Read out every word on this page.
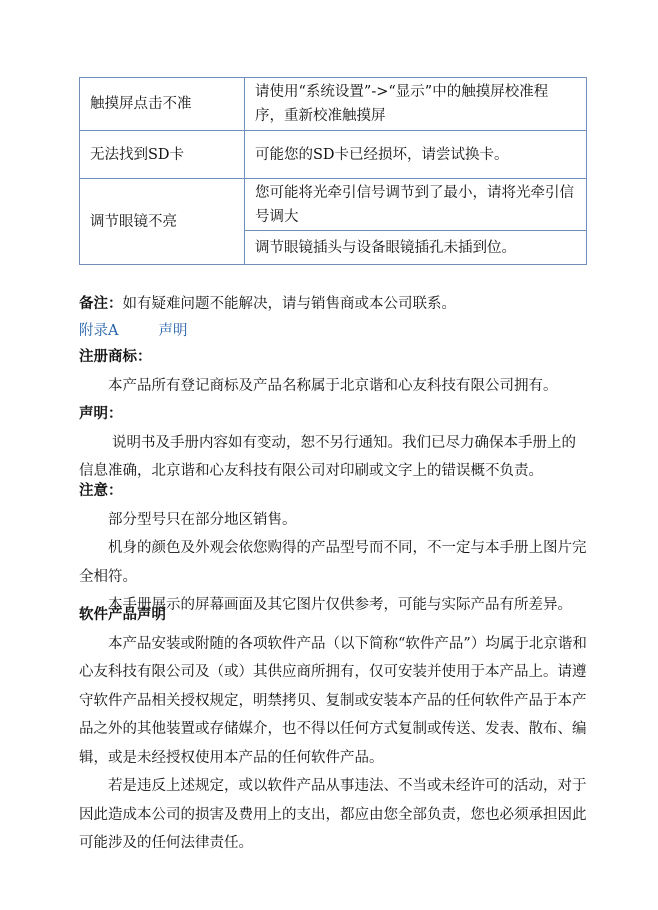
触摸屏点击不准	请使用“系统设置”->“显示”中的触摸屏校准程序，重新校准触摸屏
无法找到SD卡	可能您的SD卡已经损坏，请尝试换卡。
调节眼镜不亮	您可能将光牵引信号调节到了最小，请将光牵引信号调大
	调节眼镜插头与设备眼镜插孔未插到位。
备注：如有疑难问题不能解决，请与销售商或本公司联系。
附录A	声明

注册商标：

本产品所有登记商标及产品名称属于北京谐和心友科技有限公司拥有。

声明：

说明书及手册内容如有变动，恕不另行通知。我们已尽力确保本手册上的信息准确，北京谐和心友科技有限公司对印刷或文字上的错误概不负责。

注意：

部分型号只在部分地区销售。

机身的颜色及外观会依您购得的产品型号而不同，不一定与本手册上图片完全相符。

本手册展示的屏幕画面及其它图片仅供参考，可能与实际产品有所差异。

软件产品声明

本产品安装或附随的各项软件产品（以下简称“软件产品”）均属于北京谐和心友科技有限公司及（或）其供应商所拥有，仅可安装并使用于本产品上。请遵守软件产品相关授权规定，明禁拷贝、复制或安装本产品的任何软件产品于本产品之外的其他装置或存储媒介，也不得以任何方式复制或传送、发表、散布、编辑，或是未经授权使用本产品的任何软件产品。

若是违反上述规定，或以软件产品从事违法、不当或未经许可的活动，对于因此造成本公司的损害及费用上的支出，都应由您全部负责，您也必须承担因此可能涉及的任何法律责任。
